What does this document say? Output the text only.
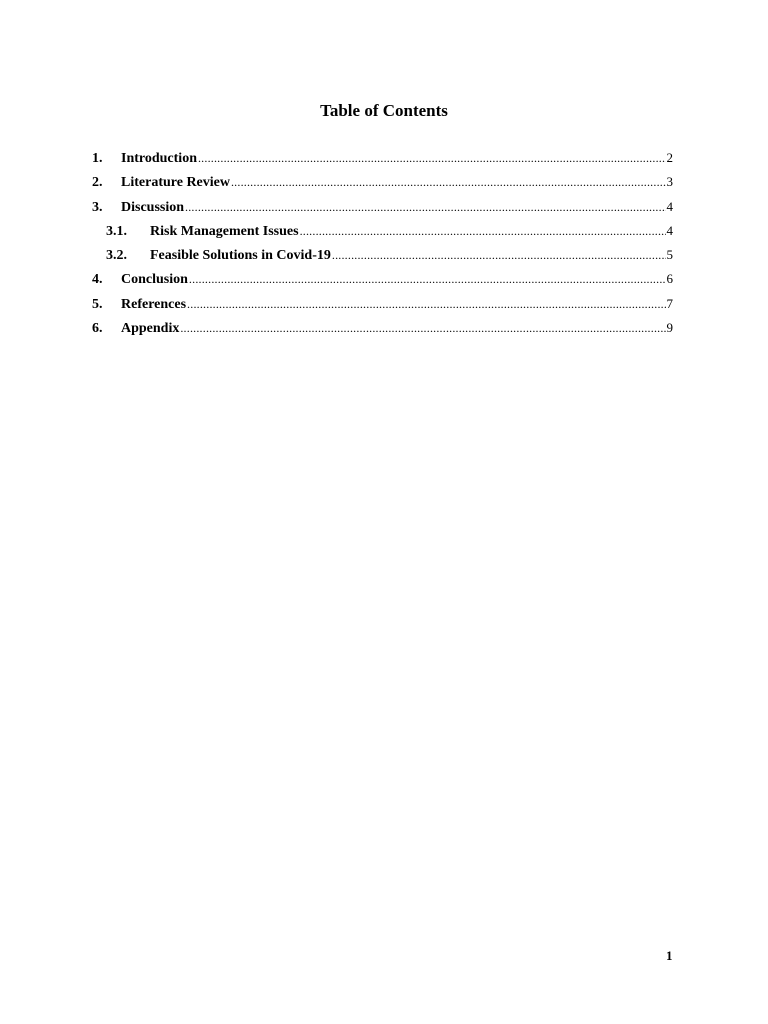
Table of Contents
1.	Introduction .....	2
2.	Literature Review .....	3
3.	Discussion .....	4
3.1.	Risk Management Issues .....	4
3.2.	Feasible Solutions in Covid-19 .....	5
4.	Conclusion .....	6
5.	References .....	7
6.	Appendix .....	9
1
